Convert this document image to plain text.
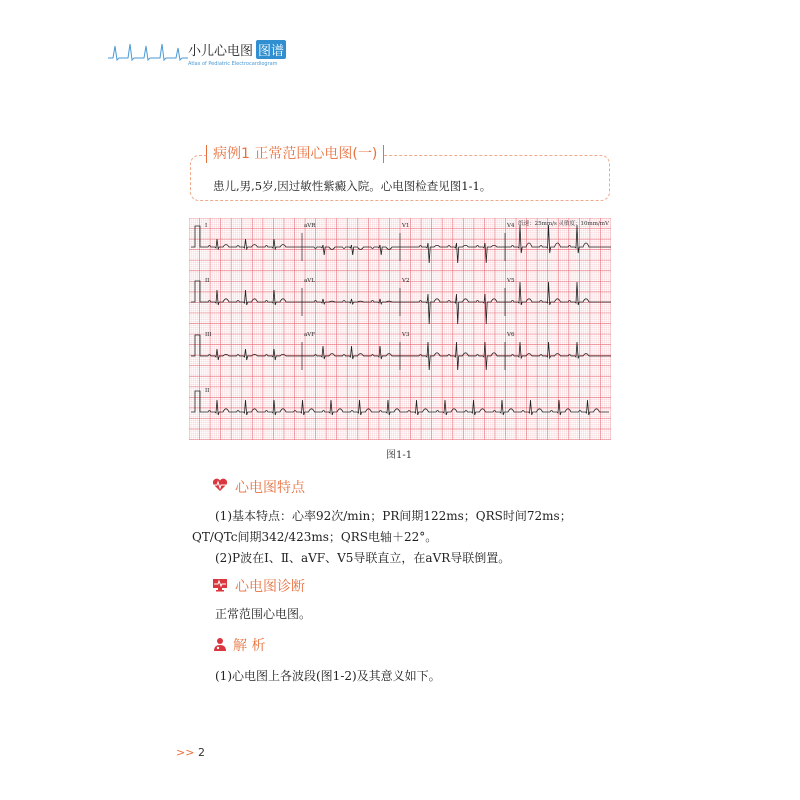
小儿心电图 图谱
Atlas of Pediatric Electrocardiogram
病例1 正常范围心电图(一)
患儿,男,5岁,因过敏性紫癜入院。心电图检查见图1-1。
纸速：25mm/s 灵敏度：10mm/mV
I	aVR	V1	V4
II	aVL	V2	V5
III	aVF	V3	V6
II
图1-1
心电图特点
(1)基本特点：心率92次/min；PR间期122ms；QRS时间72ms；QT/QTc间期342/423ms；QRS电轴＋22°。
(2)P波在Ⅰ、Ⅱ、aVF、V5导联直立，在aVR导联倒置。
心电图诊断
正常范围心电图。
解 析
(1)心电图上各波段(图1-2)及其意义如下。
>> 2
